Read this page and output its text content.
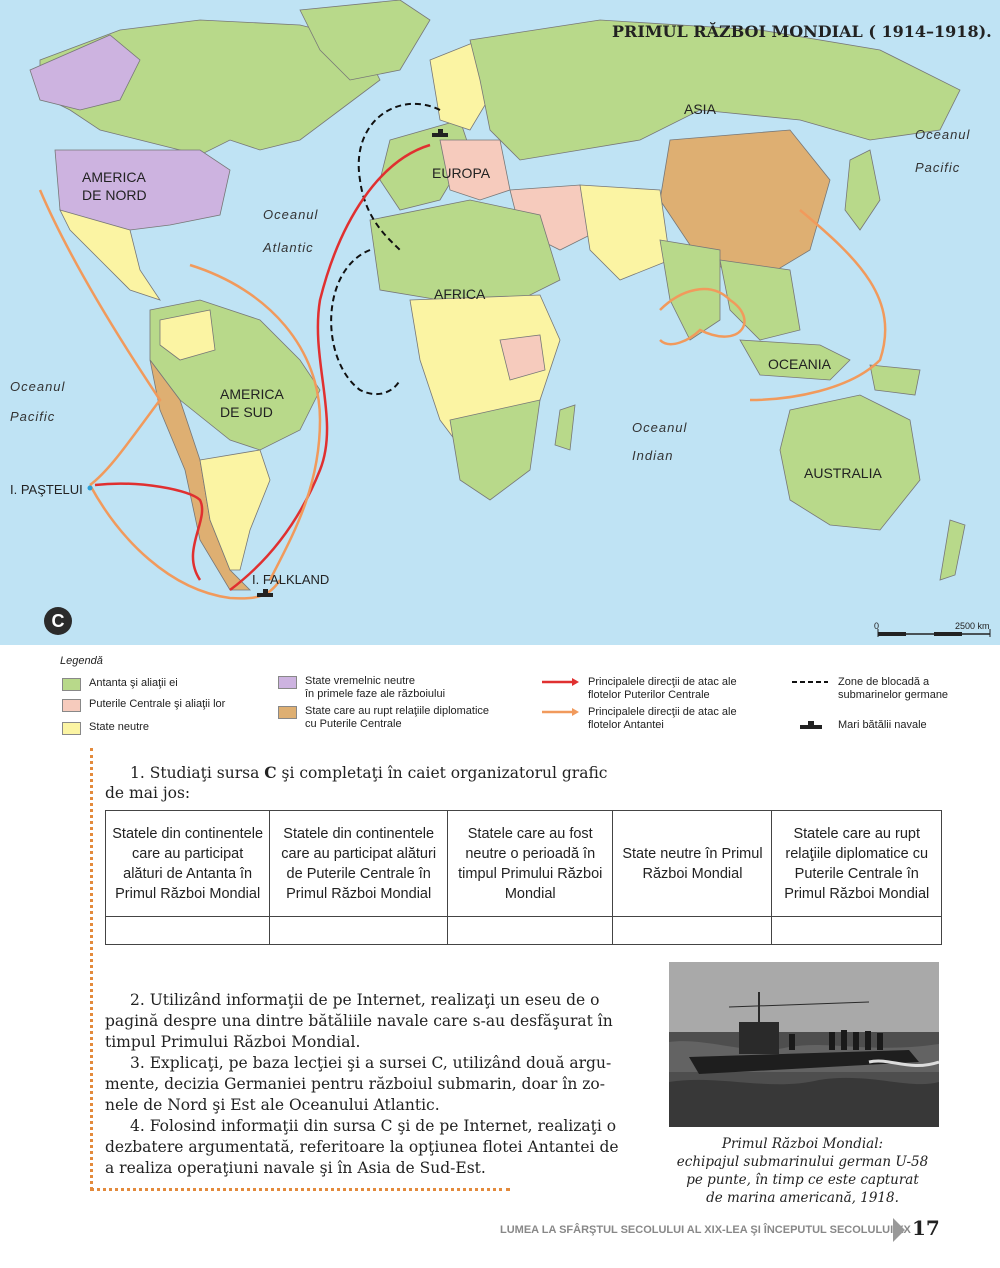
PRIMUL RĂZBOI MONDIAL ( 1914–1918).
AMERICA
DE NORD
AMERICA
DE SUD
EUROPA
ASIA
AFRICA
OCEANIA
AUSTRALIA
Oceanul
Atlantic
Oceanul
Pacific
Oceanul
Pacific
Oceanul
Indian
I. PAŞTELUI
I. FALKLAND
C	0	2500 km
Legendă
Antanta şi aliaţii ei
Puterile Centrale şi aliaţii lor
State neutre
State vremelnic neutre
în primele faze ale războiului
State care au rupt relaţiile diplomatice
cu Puterile Centrale
Principalele direcţii de atac ale
flotelor Puterilor Centrale
Principalele direcţii de atac ale
flotelor Antantei
Zone de blocadă a
submarinelor germane
Mari bătălii navale
1. Studiaţi sursa C şi completaţi în caiet organizatorul grafic
de mai jos:
Statele din continentele care au participat alături de Antanta în Primul Război Mondial	Statele din continentele care au participat alături de Puterile Centrale în Primul Război Mondial	Statele care au fost neutre o perioadă în timpul Primului Război Mondial	State neutre în Primul Război Mondial	Statele care au rupt relaţiile diplomatice cu Puterile Centrale în Primul Război Mondial

2. Utilizând informaţii de pe Internet, realizaţi un eseu de o
pagină despre una dintre bătăliile navale care s-au desfăşurat în
timpul Primului Război Mondial.
3. Explicaţi, pe baza lecţiei şi a sursei C, utilizând două argu-
mente, decizia Germaniei pentru războiul submarin, doar în zo-
nele de Nord şi Est ale Oceanului Atlantic.
4. Folosind informaţii din sursa C şi de pe Internet, realizaţi o
dezbatere argumentată, referitoare la opţiunea flotei Antantei de
a realiza operaţiuni navale şi în Asia de Sud-Est.
Primul Război Mondial:
echipajul submarinului german U-58
pe punte, în timp ce este capturat
de marina americană, 1918.
LUMEA LA SFÂRŞTUL SECOLULUI AL XIX-LEA ŞI ÎNCEPUTUL SECOLULUI XX 17
